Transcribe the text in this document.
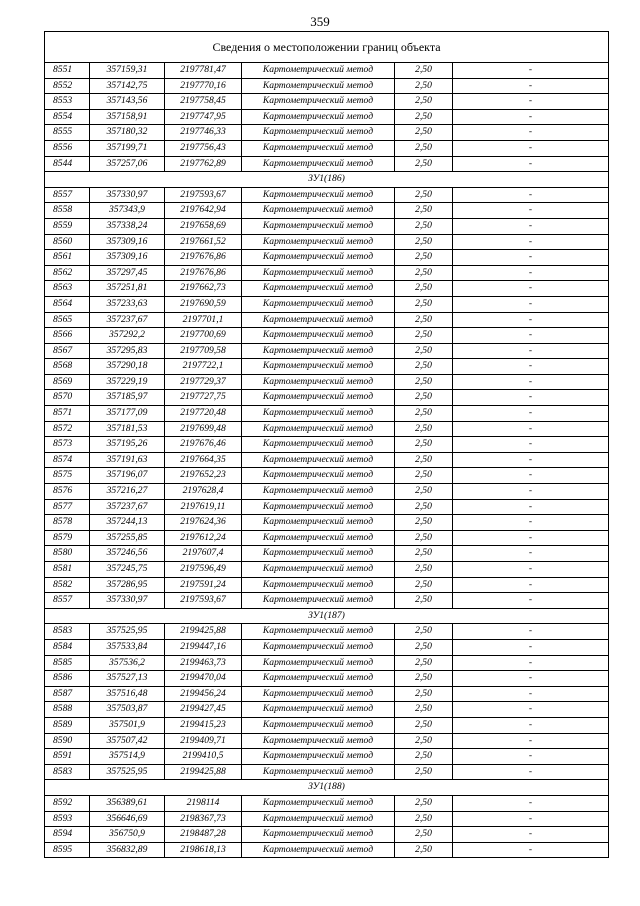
359
Сведения о местоположении границ объекта					
8551	357159,31	2197781,47	Картометрический метод	2,50	-
8552	357142,75	2197770,16	Картометрический метод	2,50	-
8553	357143,56	2197758,45	Картометрический метод	2,50	-
8554	357158,91	2197747,95	Картометрический метод	2,50	-
8555	357180,32	2197746,33	Картометрический метод	2,50	-
8556	357199,71	2197756,43	Картометрический метод	2,50	-
8544	357257,06	2197762,89	Картометрический метод	2,50	-
ЗУ1(186)					
8557	357330,97	2197593,67	Картометрический метод	2,50	-
8558	357343,9	2197642,94	Картометрический метод	2,50	-
8559	357338,24	2197658,69	Картометрический метод	2,50	-
8560	357309,16	2197661,52	Картометрический метод	2,50	-
8561	357309,16	2197676,86	Картометрический метод	2,50	-
8562	357297,45	2197676,86	Картометрический метод	2,50	-
8563	357251,81	2197662,73	Картометрический метод	2,50	-
8564	357233,63	2197690,59	Картометрический метод	2,50	-
8565	357237,67	2197701,1	Картометрический метод	2,50	-
8566	357292,2	2197700,69	Картометрический метод	2,50	-
8567	357295,83	2197709,58	Картометрический метод	2,50	-
8568	357290,18	2197722,1	Картометрический метод	2,50	-
8569	357229,19	2197729,37	Картометрический метод	2,50	-
8570	357185,97	2197727,75	Картометрический метод	2,50	-
8571	357177,09	2197720,48	Картометрический метод	2,50	-
8572	357181,53	2197699,48	Картометрический метод	2,50	-
8573	357195,26	2197676,46	Картометрический метод	2,50	-
8574	357191,63	2197664,35	Картометрический метод	2,50	-
8575	357196,07	2197652,23	Картометрический метод	2,50	-
8576	357216,27	2197628,4	Картометрический метод	2,50	-
8577	357237,67	2197619,11	Картометрический метод	2,50	-
8578	357244,13	2197624,36	Картометрический метод	2,50	-
8579	357255,85	2197612,24	Картометрический метод	2,50	-
8580	357246,56	2197607,4	Картометрический метод	2,50	-
8581	357245,75	2197596,49	Картометрический метод	2,50	-
8582	357286,95	2197591,24	Картометрический метод	2,50	-
8557	357330,97	2197593,67	Картометрический метод	2,50	-
ЗУ1(187)					
8583	357525,95	2199425,88	Картометрический метод	2,50	-
8584	357533,84	2199447,16	Картометрический метод	2,50	-
8585	357536,2	2199463,73	Картометрический метод	2,50	-
8586	357527,13	2199470,04	Картометрический метод	2,50	-
8587	357516,48	2199456,24	Картометрический метод	2,50	-
8588	357503,87	2199427,45	Картометрический метод	2,50	-
8589	357501,9	2199415,23	Картометрический метод	2,50	-
8590	357507,42	2199409,71	Картометрический метод	2,50	-
8591	357514,9	2199410,5	Картометрический метод	2,50	-
8583	357525,95	2199425,88	Картометрический метод	2,50	-
ЗУ1(188)					
8592	356389,61	2198114	Картометрический метод	2,50	-
8593	356646,69	2198367,73	Картометрический метод	2,50	-
8594	356750,9	2198487,28	Картометрический метод	2,50	-
8595	356832,89	2198618,13	Картометрический метод	2,50	-
